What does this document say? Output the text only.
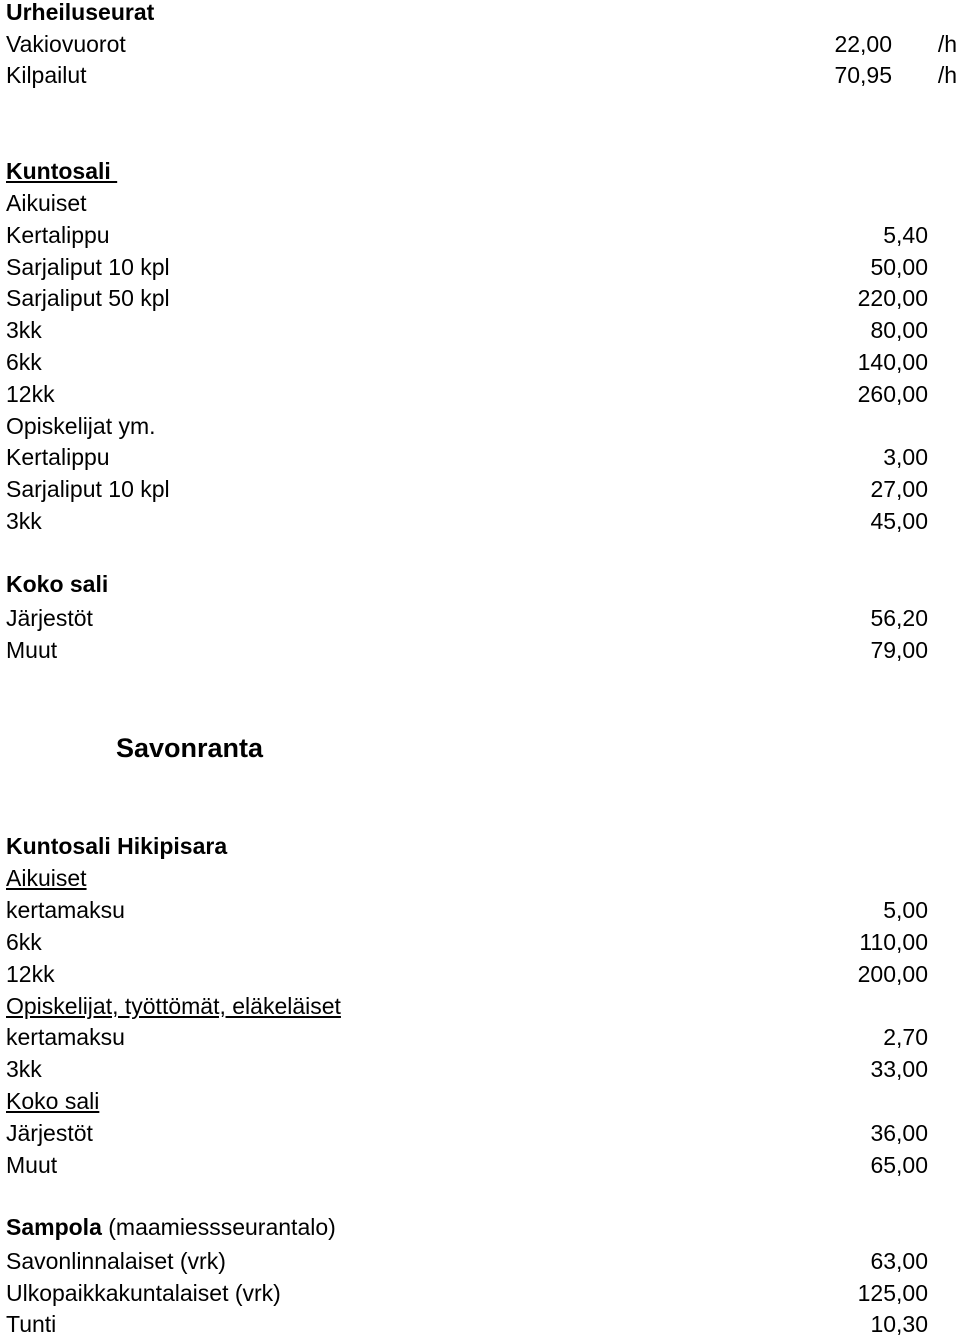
Urheiluseurat
Vakiovuorot	22,00 /h
Kilpailut	70,95 /h
Kuntosali
Aikuiset
Kertalippu	5,40
Sarjaliput 10 kpl	50,00
Sarjaliput 50 kpl	220,00
3kk	80,00
6kk	140,00
12kk	260,00
Opiskelijat ym.
Kertalippu	3,00
Sarjaliput 10 kpl	27,00
3kk	45,00
Koko sali
Järjestöt	56,20
Muut	79,00
Savonranta
Kuntosali Hikipisara
Aikuiset
kertamaksu	5,00
6kk	110,00
12kk	200,00
Opiskelijat, työttömät, eläkeläiset
kertamaksu	2,70
3kk	33,00
Koko sali
Järjestöt	36,00
Muut	65,00
Sampola (maamiessseurantalo)
Savonlinnalaiset (vrk)	63,00
Ulkopaikkakuntalaiset (vrk)	125,00
Tunti	10,30
